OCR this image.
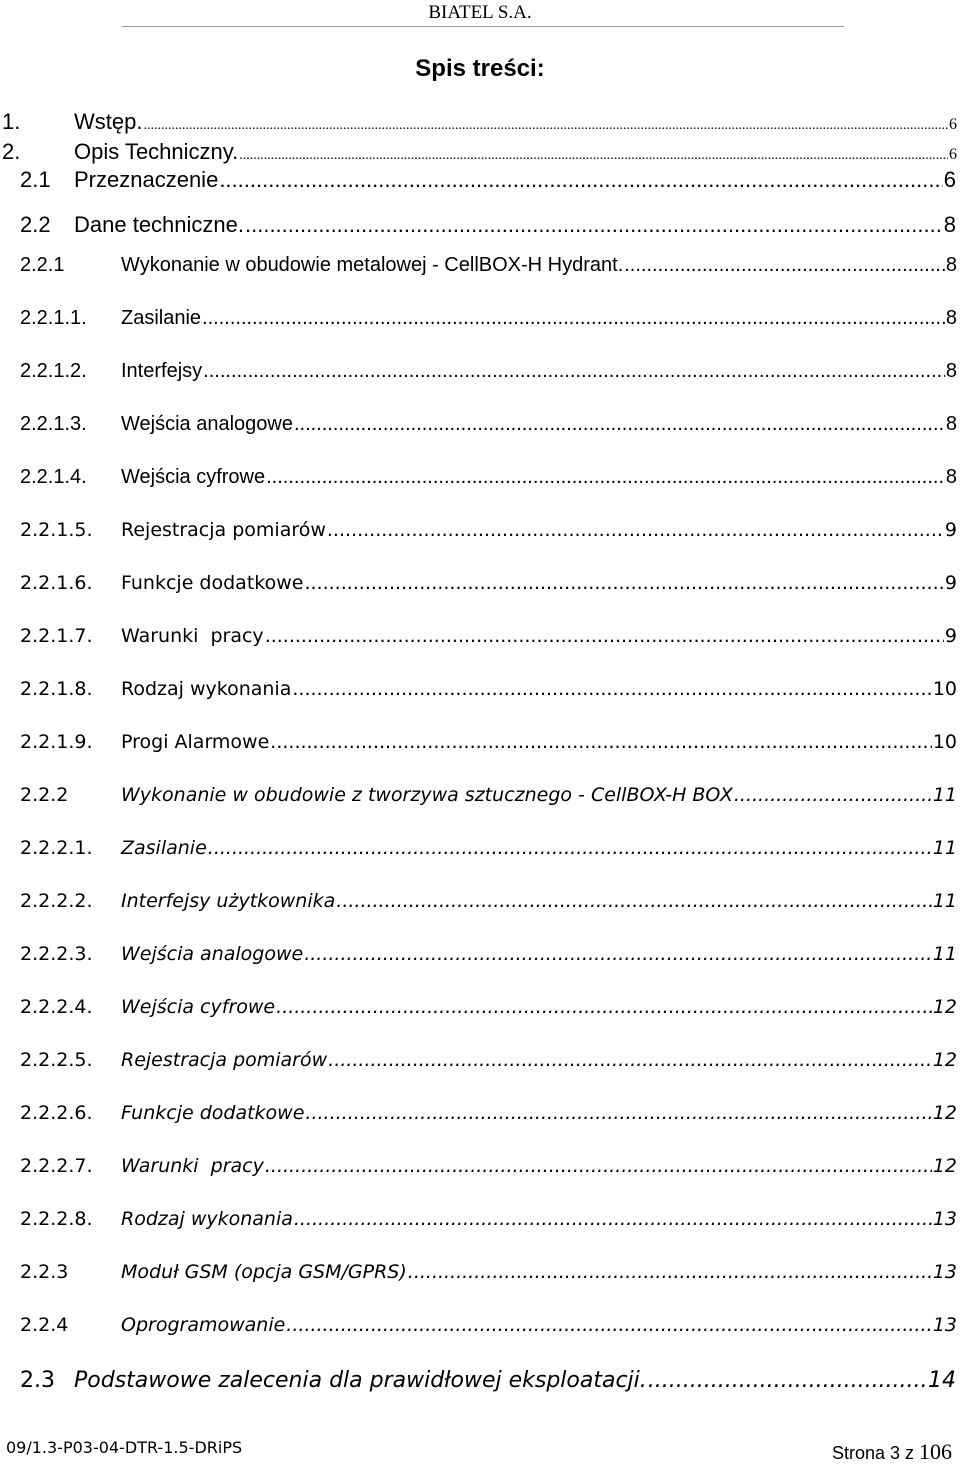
BIATEL S.A.
Spis treści:
1.	Wstęp. .....	6
2.	Opis Techniczny. .....	6
2.1	Przeznaczenie .....	6
2.2	Dane techniczne. .....	8
2.2.1	Wykonanie w obudowie metalowej - CellBOX-H Hydrant. .....	8
2.2.1.1.	Zasilanie .....	8
2.2.1.2.	Interfejsy .....	8
2.2.1.3.	Wejścia analogowe .....	8
2.2.1.4.	Wejścia cyfrowe .....	8
2.2.1.5.	Rejestracja pomiarów .....	9
2.2.1.6.	Funkcje dodatkowe .....	9
2.2.1.7.	Warunki  pracy .....	9
2.2.1.8.	Rodzaj wykonania .....	10
2.2.1.9.	Progi Alarmowe .....	10
2.2.2	Wykonanie w obudowie z tworzywa sztucznego - CellBOX-H BOX .....	11
2.2.2.1.	Zasilanie .....	11
2.2.2.2.	Interfejsy użytkownika .....	11
2.2.2.3.	Wejścia analogowe .....	11
2.2.2.4.	Wejścia cyfrowe .....	12
2.2.2.5.	Rejestracja pomiarów .....	12
2.2.2.6.	Funkcje dodatkowe .....	12
2.2.2.7.	Warunki  pracy .....	12
2.2.2.8.	Rodzaj wykonania .....	13
2.2.3	Moduł GSM (opcja GSM/GPRS) .....	13
2.2.4	Oprogramowanie .....	13
2.3 Podstawowe zalecenia dla prawidłowej eksploatacji. .....	14
09/1.3-P03-04-DTR-1.5-DRiPS	Strona 3 z 106
